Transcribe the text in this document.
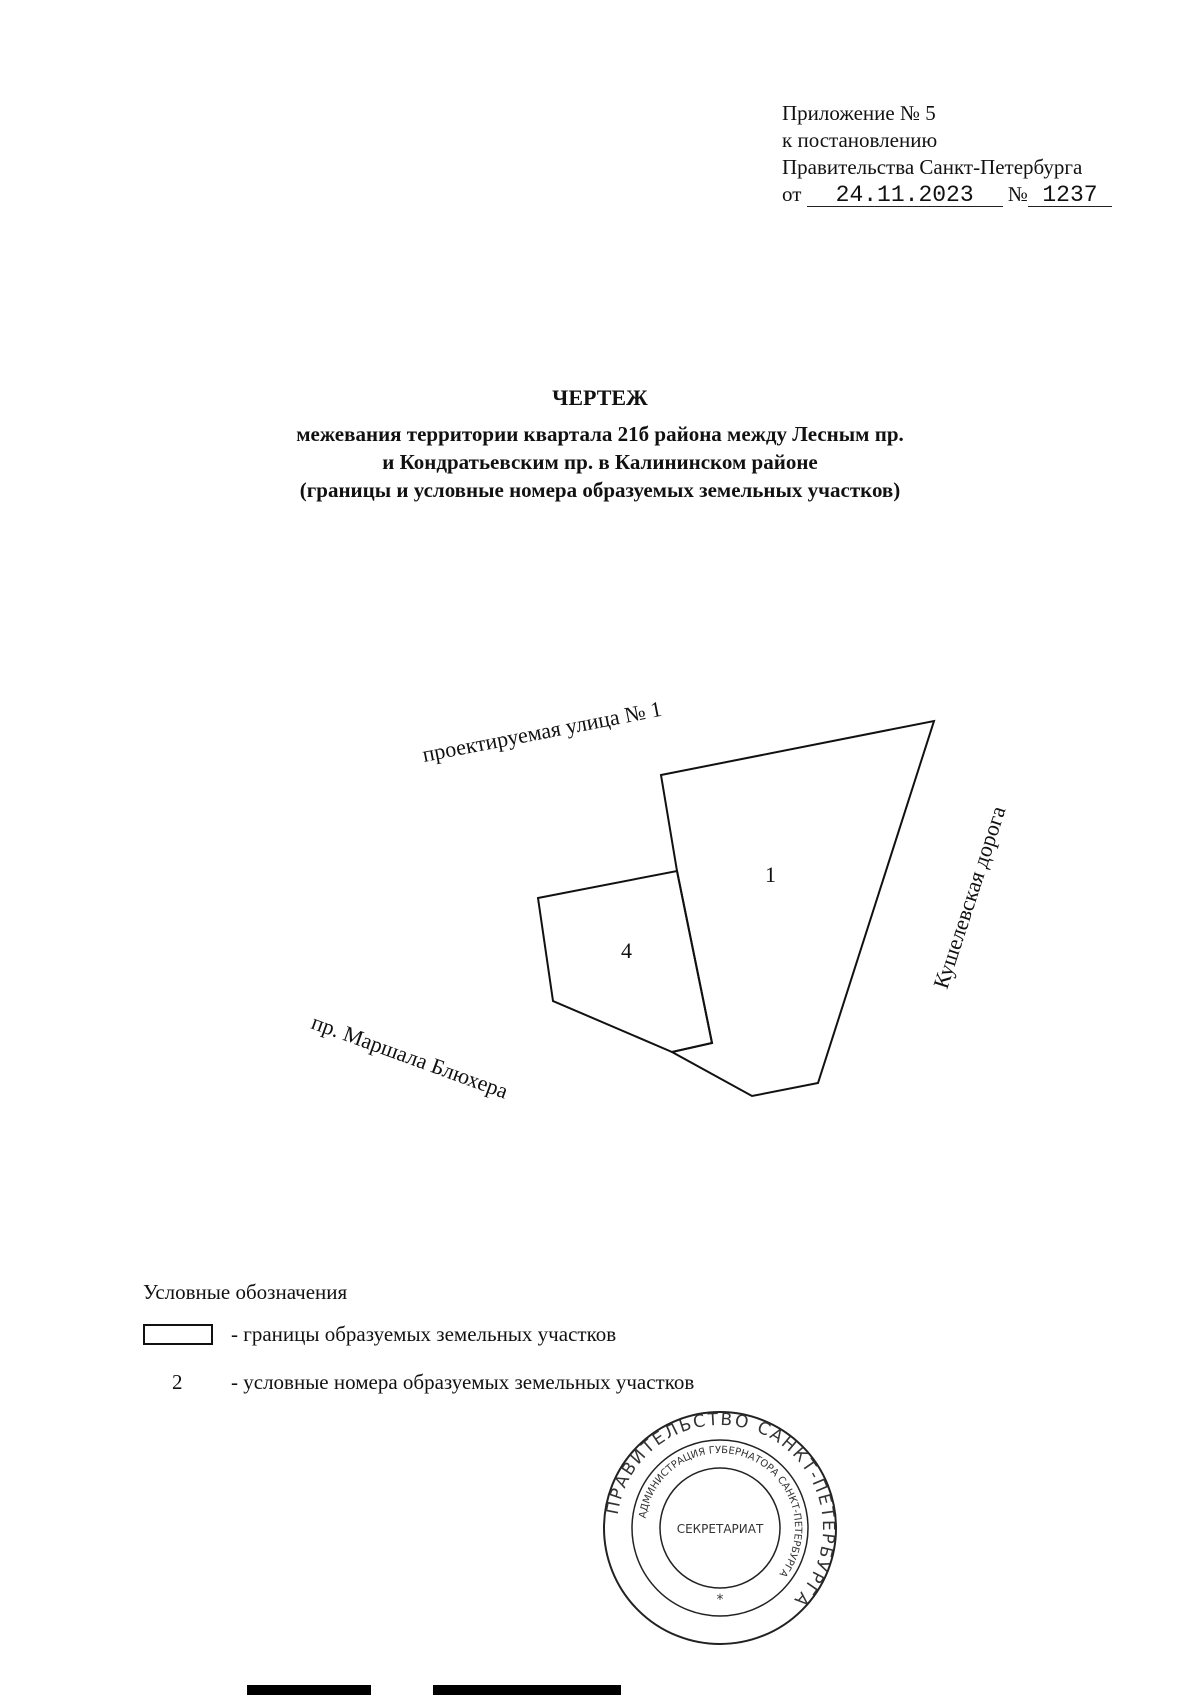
Приложение № 5
к постановлению
Правительства Санкт-Петербурга
от 24.11.2023 № 1237
ЧЕРТЕЖ
межевания территории квартала 21б района между Лесным пр.
и Кондратьевским пр. в Калининском районе
(границы и условные номера образуемых земельных участков)
1
4
проектируемая улица № 1
Кушелевская дорога
пр. Маршала Блюхера
Условные обозначения
- границы образуемых земельных участков
2 - условные номера образуемых земельных участков
ПРАВИТЕЛЬСТВО САНКТ-ПЕТЕРБУРГА
АДМИНИСТРАЦИЯ ГУБЕРНАТОРА САНКТ-ПЕТЕРБУРГА
СЕКРЕТАРИАТ
*
